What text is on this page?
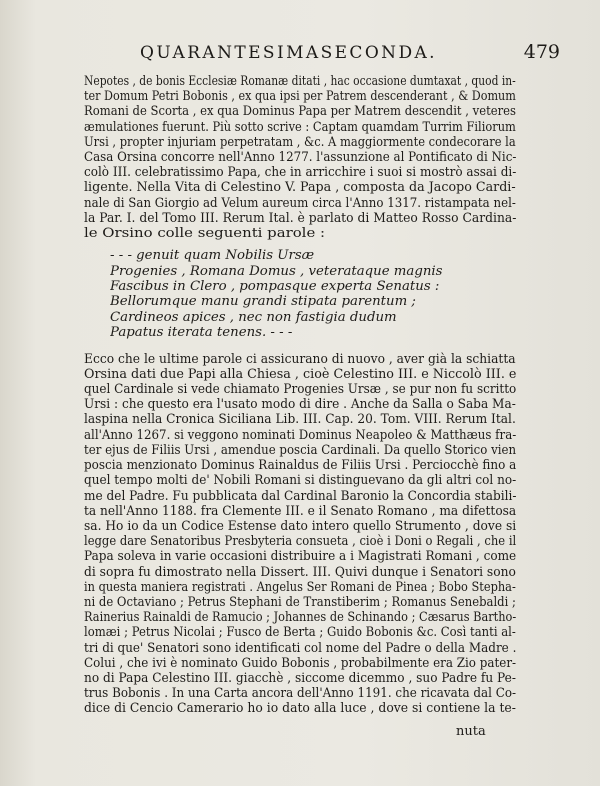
QUARANTESIMASECONDA.	479

Nepotes , de bonis Ecclesiæ Romanæ ditati , hac occasione dumtaxat , quod in-
ter Domum Petri Bobonis , ex qua ipsi per Patrem descenderant , & Domum
Romani de Scorta , ex qua Dominus Papa per Matrem descendit , veteres
æmulationes fuerunt. Più sotto scrive : Captam quamdam Turrim Filiorum
Ursi , propter injuriam perpetratam , &c. A maggiormente condecorare la
Casa Orsina concorre nell'Anno 1277. l'assunzione al Pontificato di Nic-
colò III. celebratissimo Papa, che in arricchire i suoi si mostrò assai di-
ligente. Nella Vita di Celestino V. Papa , composta da Jacopo Cardi-
nale di San Giorgio ad Velum aureum circa l'Anno 1317. ristampata nel-
la Par. I. del Tomo III. Rerum Ital. è parlato di Matteo Rosso Cardina-
le Orsino colle seguenti parole :

- - - genuit quam Nobilis Ursæ
Progenies , Romana Domus , veterataque magnis
Fascibus in Clero , pompasque experta Senatus :
Bellorumque manu grandi stipata parentum ;
Cardineos apices , nec non fastigia dudum
Papatus iterata tenens. - - -

Ecco che le ultime parole ci assicurano di nuovo , aver già la schiatta
Orsina dati due Papi alla Chiesa , cioè Celestino III. e Niccolò III. e
quel Cardinale si vede chiamato Progenies Ursæ , se pur non fu scritto
Ursi : che questo era l'usato modo di dire . Anche da Salla o Saba Ma-
laspina nella Cronica Siciliana Lib. III. Cap. 20. Tom. VIII. Rerum Ital.
all'Anno 1267. si veggono nominati Dominus Neapoleo & Matthæus fra-
ter ejus de Filiis Ursi , amendue poscia Cardinali. Da quello Storico vien
poscia menzionato Dominus Rainaldus de Filiis Ursi . Perciocchè fino a
quel tempo molti de' Nobili Romani si distinguevano da gli altri col no-
me del Padre. Fu pubblicata dal Cardinal Baronio la Concordia stabili-
ta nell'Anno 1188. fra Clemente III. e il Senato Romano , ma difettosa
sa. Ho io da un Codice Estense dato intero quello Strumento , dove si
legge dare Senatoribus Presbyteria consueta , cioè i Doni o Regali , che il
Papa soleva in varie occasioni distribuire a i Magistrati Romani , come
di sopra fu dimostrato nella Dissert. III. Quivi dunque i Senatori sono
in questa maniera registrati . Angelus Ser Romani de Pinea ; Bobo Stepha-
ni de Octaviano ; Petrus Stephani de Transtiberim ; Romanus Senebaldi ;
Rainerius Rainaldi de Ramucio ; Johannes de Schinando ; Cæsarus Bartho-
lomæi ; Petrus Nicolai ; Fusco de Berta ; Guido Bobonis &c. Così tanti al-
tri di que' Senatori sono identificati col nome del Padre o della Madre .
Colui , che ivi è nominato Guido Bobonis , probabilmente era Zio pater-
no di Papa Celestino III. giacchè , siccome dicemmo , suo Padre fu Pe-
trus Bobonis . In una Carta ancora dell'Anno 1191. che ricavata dal Co-
dice di Cencio Camerario ho io dato alla luce , dove si contiene la te-

nuta
